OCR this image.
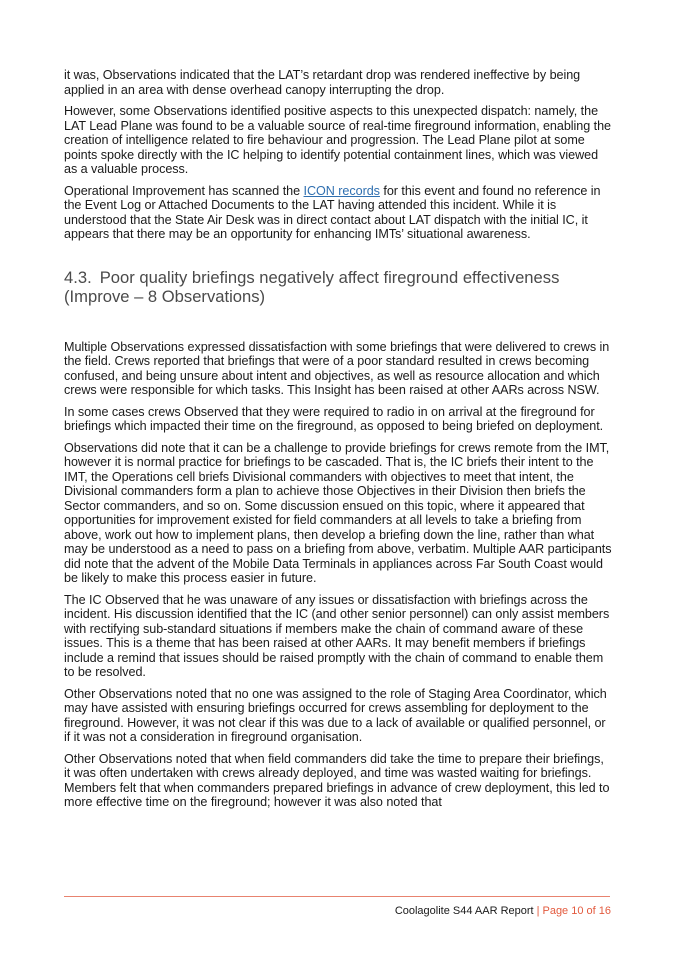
it was, Observations indicated that the LAT’s retardant drop was rendered ineffective by being applied in an area with dense overhead canopy interrupting the drop.

However, some Observations identified positive aspects to this unexpected dispatch: namely, the LAT Lead Plane was found to be a valuable source of real-time fireground information, enabling the creation of intelligence related to fire behaviour and progression. The Lead Plane pilot at some points spoke directly with the IC helping to identify potential containment lines, which was viewed as a valuable process.

Operational Improvement has scanned the ICON records for this event and found no reference in the Event Log or Attached Documents to the LAT having attended this incident. While it is understood that the State Air Desk was in direct contact about LAT dispatch with the initial IC, it appears that there may be an opportunity for enhancing IMTs’ situational awareness.

4.3. Poor quality briefings negatively affect fireground effectiveness (Improve – 8 Observations)

Multiple Observations expressed dissatisfaction with some briefings that were delivered to crews in the field. Crews reported that briefings that were of a poor standard resulted in crews becoming confused, and being unsure about intent and objectives, as well as resource allocation and which crews were responsible for which tasks. This Insight has been raised at other AARs across NSW.

In some cases crews Observed that they were required to radio in on arrival at the fireground for briefings which impacted their time on the fireground, as opposed to being briefed on deployment.

Observations did note that it can be a challenge to provide briefings for crews remote from the IMT, however it is normal practice for briefings to be cascaded. That is, the IC briefs their intent to the IMT, the Operations cell briefs Divisional commanders with objectives to meet that intent, the Divisional commanders form a plan to achieve those Objectives in their Division then briefs the Sector commanders, and so on. Some discussion ensued on this topic, where it appeared that opportunities for improvement existed for field commanders at all levels to take a briefing from above, work out how to implement plans, then develop a briefing down the line, rather than what may be understood as a need to pass on a briefing from above, verbatim. Multiple AAR participants did note that the advent of the Mobile Data Terminals in appliances across Far South Coast would be likely to make this process easier in future.

The IC Observed that he was unaware of any issues or dissatisfaction with briefings across the incident. His discussion identified that the IC (and other senior personnel) can only assist members with rectifying sub-standard situations if members make the chain of command aware of these issues. This is a theme that has been raised at other AARs. It may benefit members if briefings include a remind that issues should be raised promptly with the chain of command to enable them to be resolved.

Other Observations noted that no one was assigned to the role of Staging Area Coordinator, which may have assisted with ensuring briefings occurred for crews assembling for deployment to the fireground. However, it was not clear if this was due to a lack of available or qualified personnel, or if it was not a consideration in fireground organisation.

Other Observations noted that when field commanders did take the time to prepare their briefings, it was often undertaken with crews already deployed, and time was wasted waiting for briefings. Members felt that when commanders prepared briefings in advance of crew deployment, this led to more effective time on the fireground; however it was also noted that

Coolagolite S44 AAR Report | Page 10 of 16
